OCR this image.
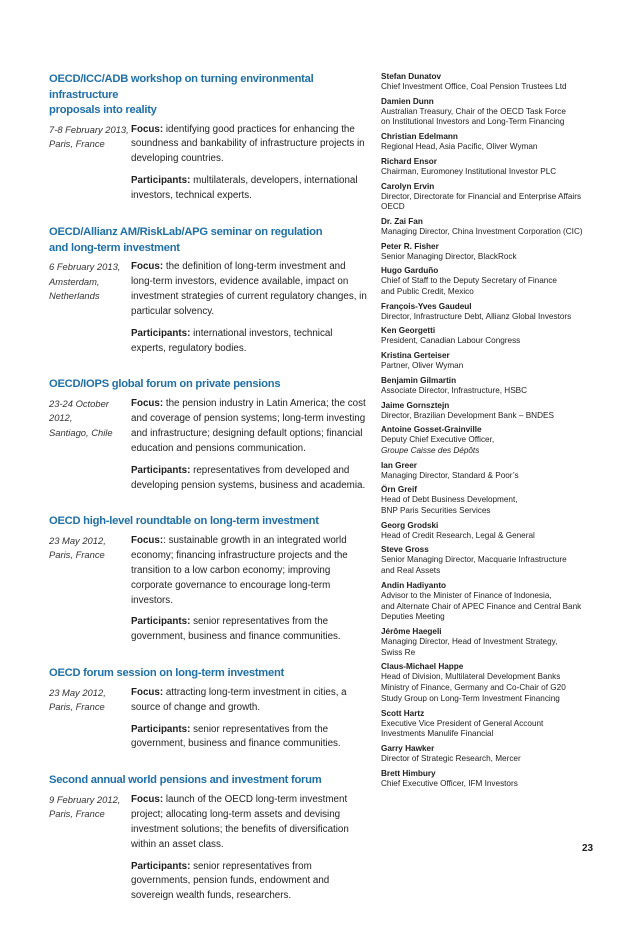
OECD/ICC/ADB workshop on turning environmental infrastructure
proposals into reality
7-8 February 2013,
Paris, France

Focus: identifying good practices for enhancing the soundness and bankability of infrastructure projects in developing countries.

Participants: multilaterals, developers, international investors, technical experts.

OECD/Allianz AM/RiskLab/APG seminar on regulation
and long-term investment
6 February 2013,
Amsterdam,
Netherlands

Focus: the definition of long-term investment and long-term investors, evidence available, impact on investment strategies of current regulatory changes, in particular solvency.

Participants: international investors, technical experts, regulatory bodies.

OECD/IOPS global forum on private pensions
23-24 October
2012,
Santiago, Chile

Focus: the pension industry in Latin America; the cost and coverage of pension systems; long-term investing and infrastructure; designing default options; financial education and pensions communication.

Participants: representatives from developed and developing pension systems, business and academia.

OECD high-level roundtable on long-term investment
23 May 2012,
Paris, France

Focus:: sustainable growth in an integrated world economy; financing infrastructure projects and the transition to a low carbon economy; improving corporate governance to encourage long-term investors.

Participants: senior representatives from the government, business and finance communities.

OECD forum session on long-term investment
23 May 2012,
Paris, France

Focus: attracting long-term investment in cities, a source of change and growth.

Participants: senior representatives from the government, business and finance communities.

Second annual world pensions and investment forum
9 February 2012,
Paris, France

Focus: launch of the OECD long-term investment project; allocating long-term assets and devising investment solutions; the benefits of diversification within an asset class.

Participants: senior representatives from governments, pension funds, endowment and sovereign wealth funds, researchers.

Stefan Dunatov
Chief Investment Office, Coal Pension Trustees Ltd
Damien Dunn
Australian Treasury, Chair of the OECD Task Force
on Institutional Investors and Long-Term Financing
Christian Edelmann
Regional Head, Asia Pacific, Oliver Wyman
Richard Ensor
Chairman, Euromoney Institutional Investor PLC
Carolyn Ervin
Director, Directorate for Financial and Enterprise Affairs
OECD
Dr. Zai Fan
Managing Director, China Investment Corporation (CIC)
Peter R. Fisher
Senior Managing Director, BlackRock
Hugo Garduño
Chief of Staff to the Deputy Secretary of Finance
and Public Credit, Mexico
François-Yves Gaudeul
Director, Infrastructure Debt, Allianz Global Investors
Ken Georgetti
President, Canadian Labour Congress
Kristina Gerteiser
Partner, Oliver Wyman
Benjamin Gilmartin
Associate Director, Infrastructure, HSBC
Jaime Gornsztejn
Director, Brazilian Development Bank – BNDES
Antoine Gosset-Grainville
Deputy Chief Executive Officer,
Groupe Caisse des Dépôts
Ian Greer
Managing Director, Standard & Poor’s
Örn Greif
Head of Debt Business Development,
BNP Paris Securities Services
Georg Grodski
Head of Credit Research, Legal & General
Steve Gross
Senior Managing Director, Macquarie Infrastructure
and Real Assets
Andin Hadiyanto
Advisor to the Minister of Finance of Indonesia,
and Alternate Chair of APEC Finance and Central Bank
Deputies Meeting
Jérôme Haegeli
Managing Director, Head of Investment Strategy,
Swiss Re
Claus-Michael Happe
Head of Division, Multilateral Development Banks
Ministry of Finance, Germany and Co-Chair of G20
Study Group on Long-Term Investment Financing
Scott Hartz
Executive Vice President of General Account
Investments Manulife Financial
Garry Hawker
Director of Strategic Research, Mercer
Brett Himbury
Chief Executive Officer, IFM Investors
23
